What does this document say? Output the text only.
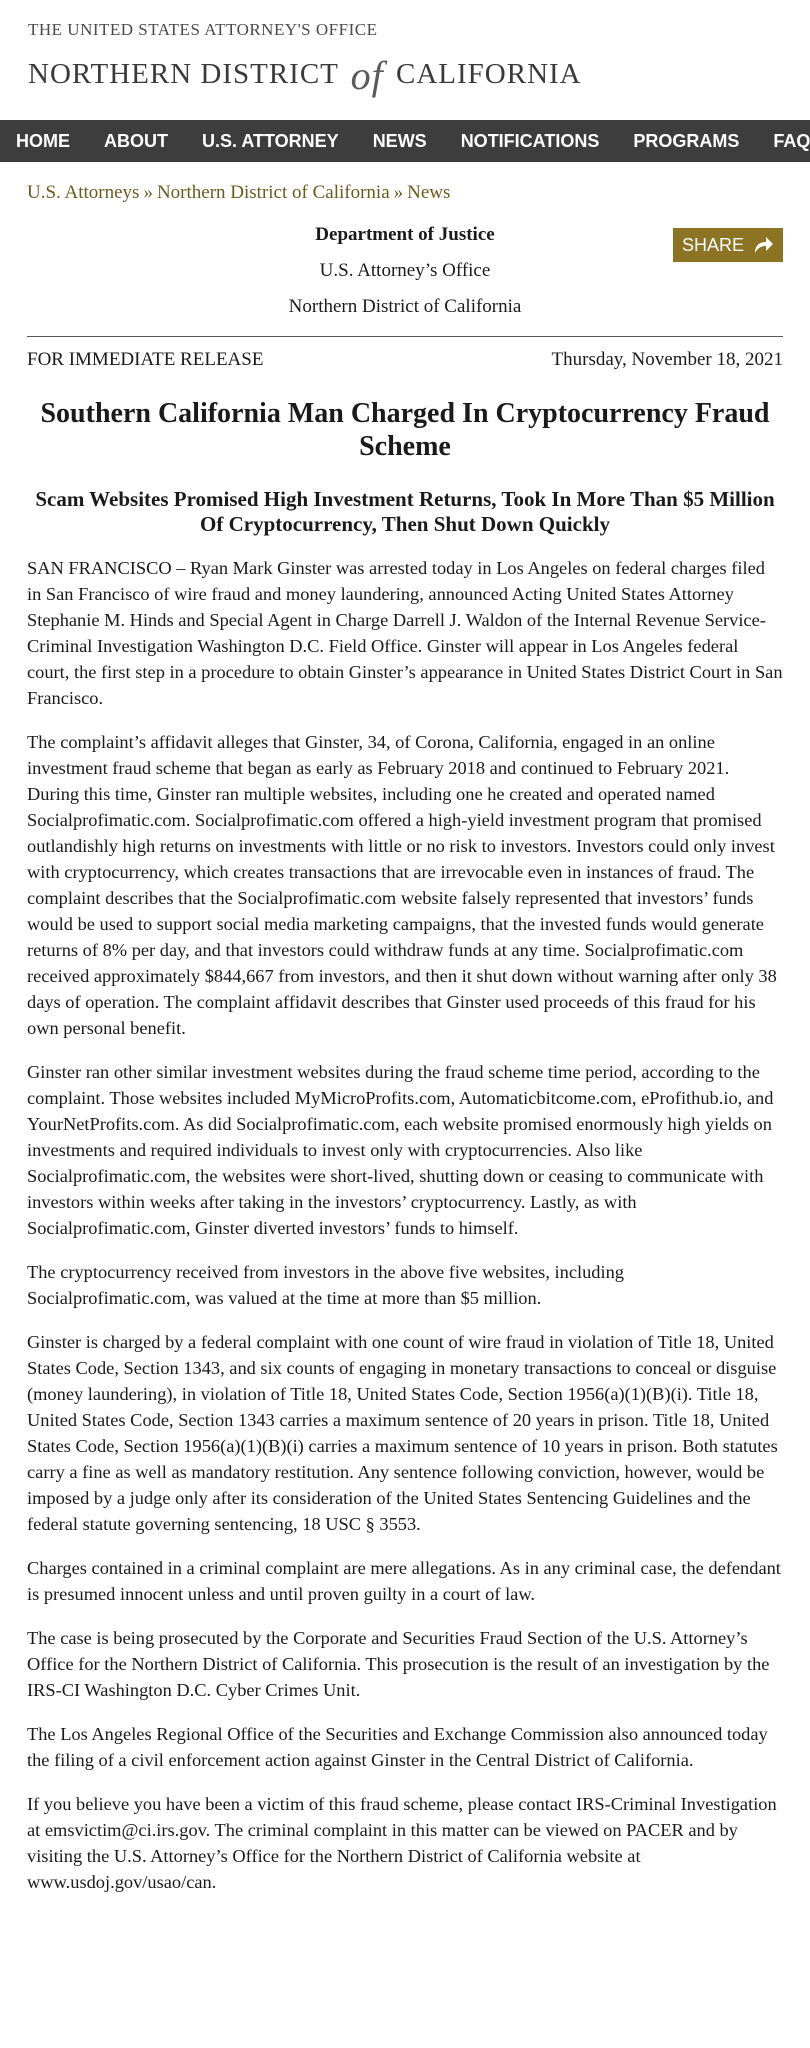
THE UNITED STATES ATTORNEY'S OFFICE
NORTHERN DISTRICT of CALIFORNIA
HOME	ABOUT	U.S. ATTORNEY	NEWS	NOTIFICATIONS	PROGRAMS	FAQ
U.S. Attorneys » Northern District of California » News

Department of Justice

U.S. Attorney’s Office

Northern District of California

SHARE
FOR IMMEDIATE RELEASE	Thursday, November 18, 2021
Southern California Man Charged In Cryptocurrency Fraud Scheme
Scam Websites Promised High Investment Returns, Took In More Than $5 Million Of Cryptocurrency, Then Shut Down Quickly

SAN FRANCISCO – Ryan Mark Ginster was arrested today in Los Angeles on federal charges filed in San Francisco of wire fraud and money laundering, announced Acting United States Attorney Stephanie M. Hinds and Special Agent in Charge Darrell J. Waldon of the Internal Revenue Service-Criminal Investigation Washington D.C. Field Office. Ginster will appear in Los Angeles federal court, the first step in a procedure to obtain Ginster’s appearance in United States District Court in San Francisco.

The complaint’s affidavit alleges that Ginster, 34, of Corona, California, engaged in an online investment fraud scheme that began as early as February 2018 and continued to February 2021. During this time, Ginster ran multiple websites, including one he created and operated named Socialprofimatic.com. Socialprofimatic.com offered a high-yield investment program that promised outlandishly high returns on investments with little or no risk to investors. Investors could only invest with cryptocurrency, which creates transactions that are irrevocable even in instances of fraud. The complaint describes that the Socialprofimatic.com website falsely represented that investors’ funds would be used to support social media marketing campaigns, that the invested funds would generate returns of 8% per day, and that investors could withdraw funds at any time. Socialprofimatic.com received approximately $844,667 from investors, and then it shut down without warning after only 38 days of operation. The complaint affidavit describes that Ginster used proceeds of this fraud for his own personal benefit.

Ginster ran other similar investment websites during the fraud scheme time period, according to the complaint. Those websites included MyMicroProfits.com, Automaticbitcome.com, eProfithub.io, and YourNetProfits.com. As did Socialprofimatic.com, each website promised enormously high yields on investments and required individuals to invest only with cryptocurrencies. Also like Socialprofimatic.com, the websites were short-lived, shutting down or ceasing to communicate with investors within weeks after taking in the investors’ cryptocurrency. Lastly, as with Socialprofimatic.com, Ginster diverted investors’ funds to himself.

The cryptocurrency received from investors in the above five websites, including Socialprofimatic.com, was valued at the time at more than $5 million.

Ginster is charged by a federal complaint with one count of wire fraud in violation of Title 18, United States Code, Section 1343, and six counts of engaging in monetary transactions to conceal or disguise (money laundering), in violation of Title 18, United States Code, Section 1956(a)(1)(B)(i). Title 18, United States Code, Section 1343 carries a maximum sentence of 20 years in prison. Title 18, United States Code, Section 1956(a)(1)(B)(i) carries a maximum sentence of 10 years in prison. Both statutes carry a fine as well as mandatory restitution. Any sentence following conviction, however, would be imposed by a judge only after its consideration of the United States Sentencing Guidelines and the federal statute governing sentencing, 18 USC § 3553.

Charges contained in a criminal complaint are mere allegations. As in any criminal case, the defendant is presumed innocent unless and until proven guilty in a court of law.

The case is being prosecuted by the Corporate and Securities Fraud Section of the U.S. Attorney’s Office for the Northern District of California. This prosecution is the result of an investigation by the IRS-CI Washington D.C. Cyber Crimes Unit.

The Los Angeles Regional Office of the Securities and Exchange Commission also announced today the filing of a civil enforcement action against Ginster in the Central District of California.

If you believe you have been a victim of this fraud scheme, please contact IRS-Criminal Investigation at emsvictim@ci.irs.gov. The criminal complaint in this matter can be viewed on PACER and by visiting the U.S. Attorney’s Office for the Northern District of California website at www.usdoj.gov/usao/can.
